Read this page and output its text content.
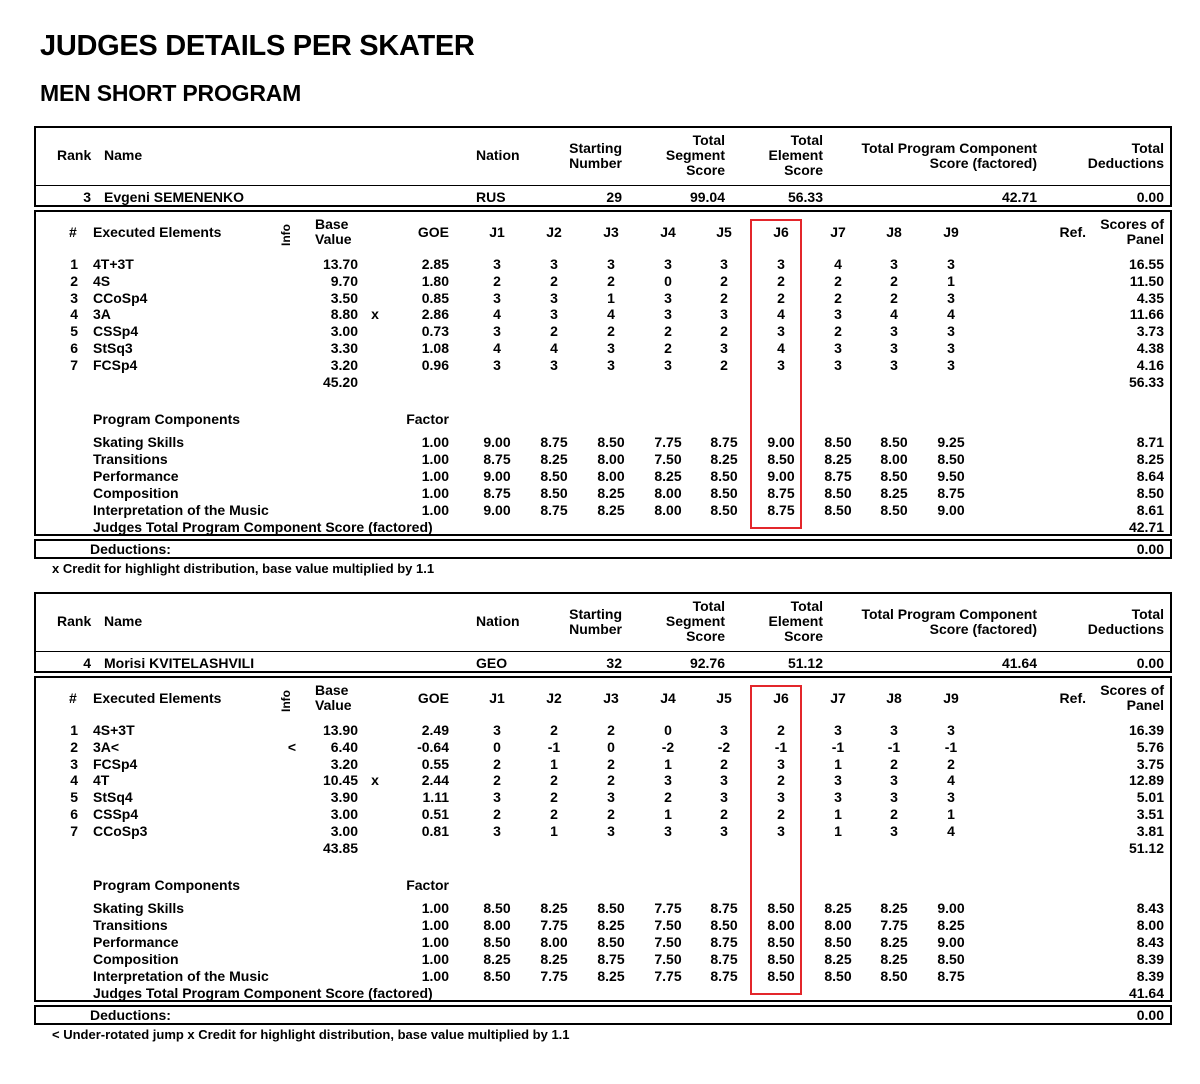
JUDGES DETAILS PER SKATER
MEN SHORT PROGRAM
Rank Name	Nation	Starting
Number
Total
Segment
Score
Total
Element
Score
Total Program Component
Score (factored)
Total
Deductions
3 Evgeni SEMENENKO	RUS	29	99.04	56.33	42.71	0.00
# Executed Elements	Info Base
Value	GOE	J1	J2	J3	J4	J5	J6	J7	J8	J9	Ref.	Scores of
Panel
1 4T+3T	13.70	2.85	3	3	3	3	3	3	4	3	3	16.55
2 4S	9.70	1.80	2	2	2	0	2	2	2	2	1	11.50
3 CCoSp4	3.50	0.85	3	3	1	3	2	2	2	2	3	4.35
4 3A	8.80 x	2.86	4	3	4	3	3	4	3	4	4	11.66
5 CSSp4	3.00	0.73	3	2	2	2	2	3	2	3	3	3.73
6 StSq3	3.30	1.08	4	4	3	2	3	4	3	3	3	4.38
7 FCSp4	3.20	0.96	3	3	3	3	2	3	3	3	3	4.16
45.20	56.33
Program Components	Factor
Skating Skills	1.00	9.00	8.75	8.50	7.75	8.75	9.00	8.50	8.50	9.25	8.71
Transitions	1.00	8.75	8.25	8.00	7.50	8.25	8.50	8.25	8.00	8.50	8.25
Performance	1.00	9.00	8.50	8.00	8.25	8.50	9.00	8.75	8.50	9.50	8.64
Composition	1.00	8.75	8.50	8.25	8.00	8.50	8.75	8.50	8.25	8.75	8.50
Interpretation of the Music	1.00	9.00	8.75	8.25	8.00	8.50	8.75	8.50	8.50	9.00	8.61
Judges Total Program Component Score (factored)	42.71
Deductions:	0.00
x Credit for highlight distribution, base value multiplied by 1.1
Rank Name	Nation	Starting
Number
Total
Segment
Score
Total
Element
Score
Total Program Component
Score (factored)
Total
Deductions
4 Morisi KVITELASHVILI	GEO	32	92.76	51.12	41.64	0.00
# Executed Elements	Info Base
Value	GOE	J1	J2	J3	J4	J5	J6	J7	J8	J9	Ref.	Scores of
Panel
1 4S+3T	13.90	2.49	3	2	2	0	3	2	3	3	3	16.39
2 3A<	<	6.40	-0.64	0	-1	0	-2	-2	-1	-1	-1	-1	5.76
3 FCSp4	3.20	0.55	2	1	2	1	2	3	1	2	2	3.75
4 4T	10.45 x	2.44	2	2	2	3	3	2	3	3	4	12.89
5 StSq4	3.90	1.11	3	2	3	2	3	3	3	3	3	5.01
6 CSSp4	3.00	0.51	2	2	2	1	2	2	1	2	1	3.51
7 CCoSp3	3.00	0.81	3	1	3	3	3	3	1	3	4	3.81
43.85	51.12
Program Components	Factor
Skating Skills	1.00	8.50	8.25	8.50	7.75	8.75	8.50	8.25	8.25	9.00	8.43
Transitions	1.00	8.00	7.75	8.25	7.50	8.50	8.00	8.00	7.75	8.25	8.00
Performance	1.00	8.50	8.00	8.50	7.50	8.75	8.50	8.50	8.25	9.00	8.43
Composition	1.00	8.25	8.25	8.75	7.50	8.75	8.50	8.25	8.25	8.50	8.39
Interpretation of the Music	1.00	8.50	7.75	8.25	7.75	8.75	8.50	8.50	8.50	8.75	8.39
Judges Total Program Component Score (factored)	41.64
Deductions:	0.00
< Under-rotated jump x Credit for highlight distribution, base value multiplied by 1.1
